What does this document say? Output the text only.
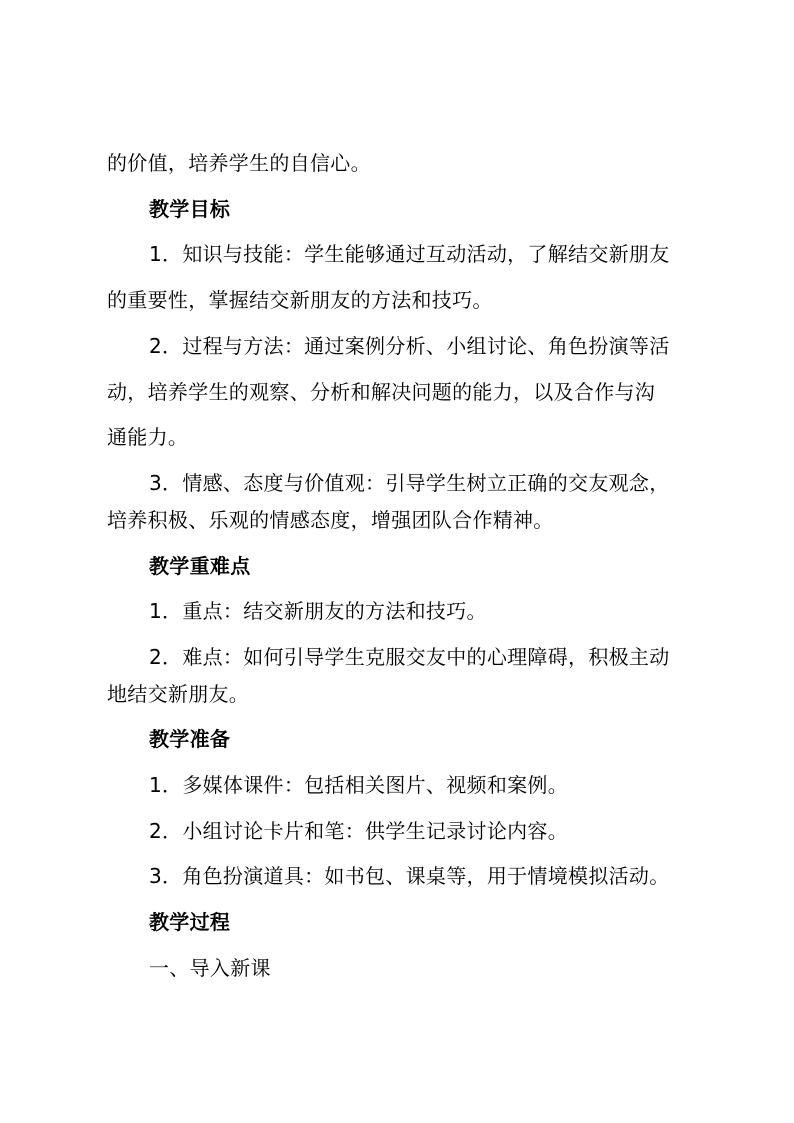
的价值，培养学生的自信心。
教学目标
1．知识与技能：学生能够通过互动活动，了解结交新朋友
的重要性，掌握结交新朋友的方法和技巧。
2．过程与方法：通过案例分析、小组讨论、角色扮演等活
动，培养学生的观察、分析和解决问题的能力，以及合作与沟
通能力。
3．情感、态度与价值观：引导学生树立正确的交友观念，
培养积极、乐观的情感态度，增强团队合作精神。
教学重难点
1．重点：结交新朋友的方法和技巧。
2．难点：如何引导学生克服交友中的心理障碍，积极主动
地结交新朋友。
教学准备
1．多媒体课件：包括相关图片、视频和案例。
2．小组讨论卡片和笔：供学生记录讨论内容。
3．角色扮演道具：如书包、课桌等，用于情境模拟活动。
教学过程
一、导入新课
